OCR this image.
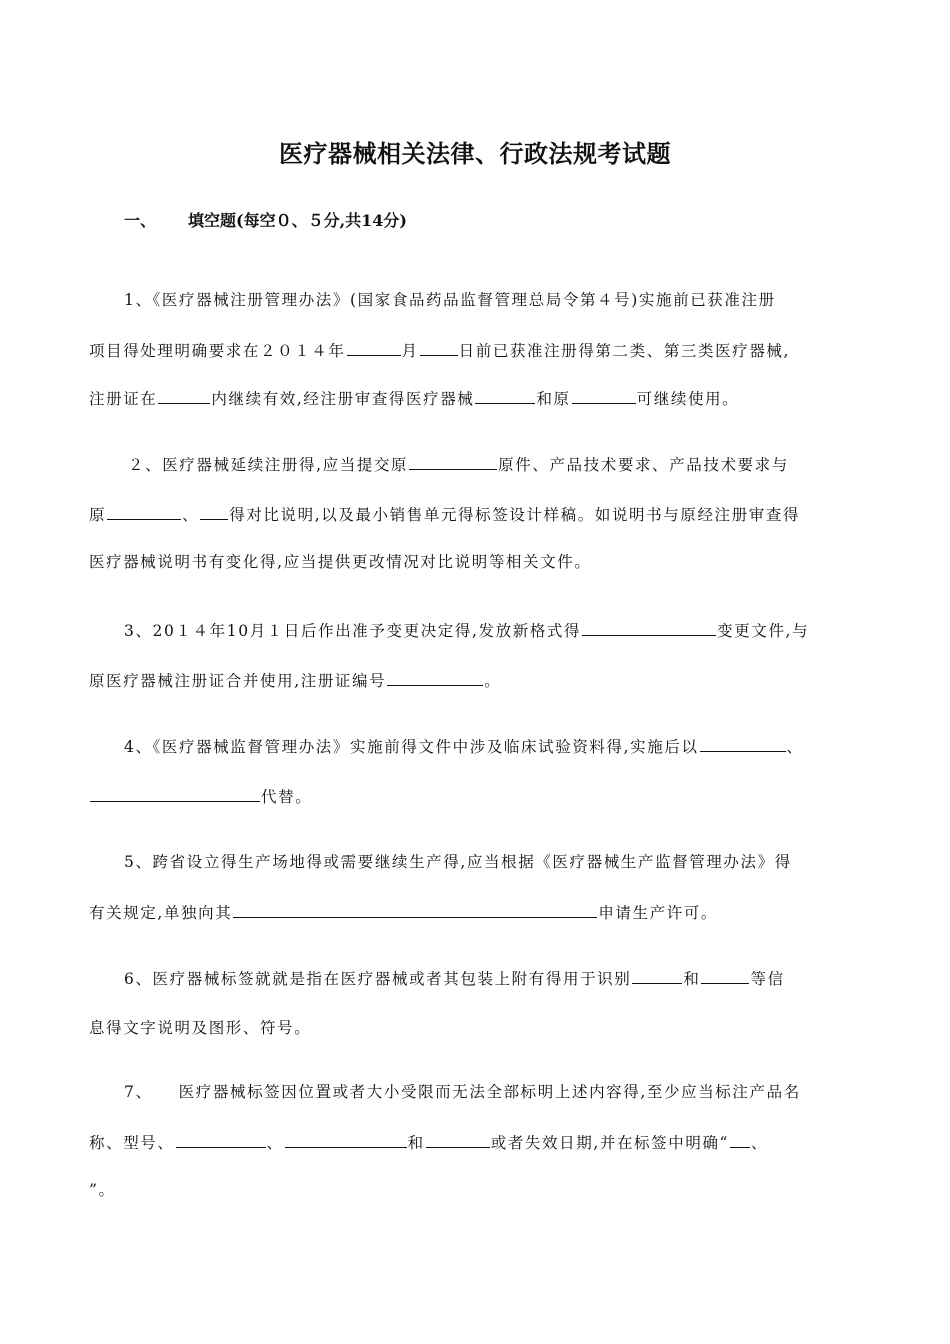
医疗器械相关法律、行政法规考试题
一、 填空题(每空０、５分,共14分)
1、《医疗器械注册管理办法》(国家食品药品监督管理总局令第４号)实施前已获准注册
项目得处理明确要求在２０１４年	月	日前已获准注册得第二类、第三类医疗器械,
注册证在	内继续有效,经注册审查得医疗器械	和原	可继续使用。
２、医疗器械延续注册得,应当提交原	原件、产品技术要求、产品技术要求与
原	、 得对比说明,以及最小销售单元得标签设计样稿。如说明书与原经注册审查得
医疗器械说明书有变化得,应当提供更改情况对比说明等相关文件。
3、20１４年10月１日后作出准予变更决定得,发放新格式得	变更文件,与
原医疗器械注册证合并使用,注册证编号	。
4、《医疗器械监督管理办法》实施前得文件中涉及临床试验资料得,实施后以	、
代替。
5、跨省设立得生产场地得或需要继续生产得,应当根据《医疗器械生产监督管理办法》得
有关规定,单独向其	申请生产许可。
6、医疗器械标签就就是指在医疗器械或者其包装上附有得用于识别	和	等信
息得文字说明及图形、符号。
7、    医疗器械标签因位置或者大小受限而无法全部标明上述内容得,至少应当标注产品名
称、型号、	、	和	或者失效日期,并在标签中明确“ 、
”。
